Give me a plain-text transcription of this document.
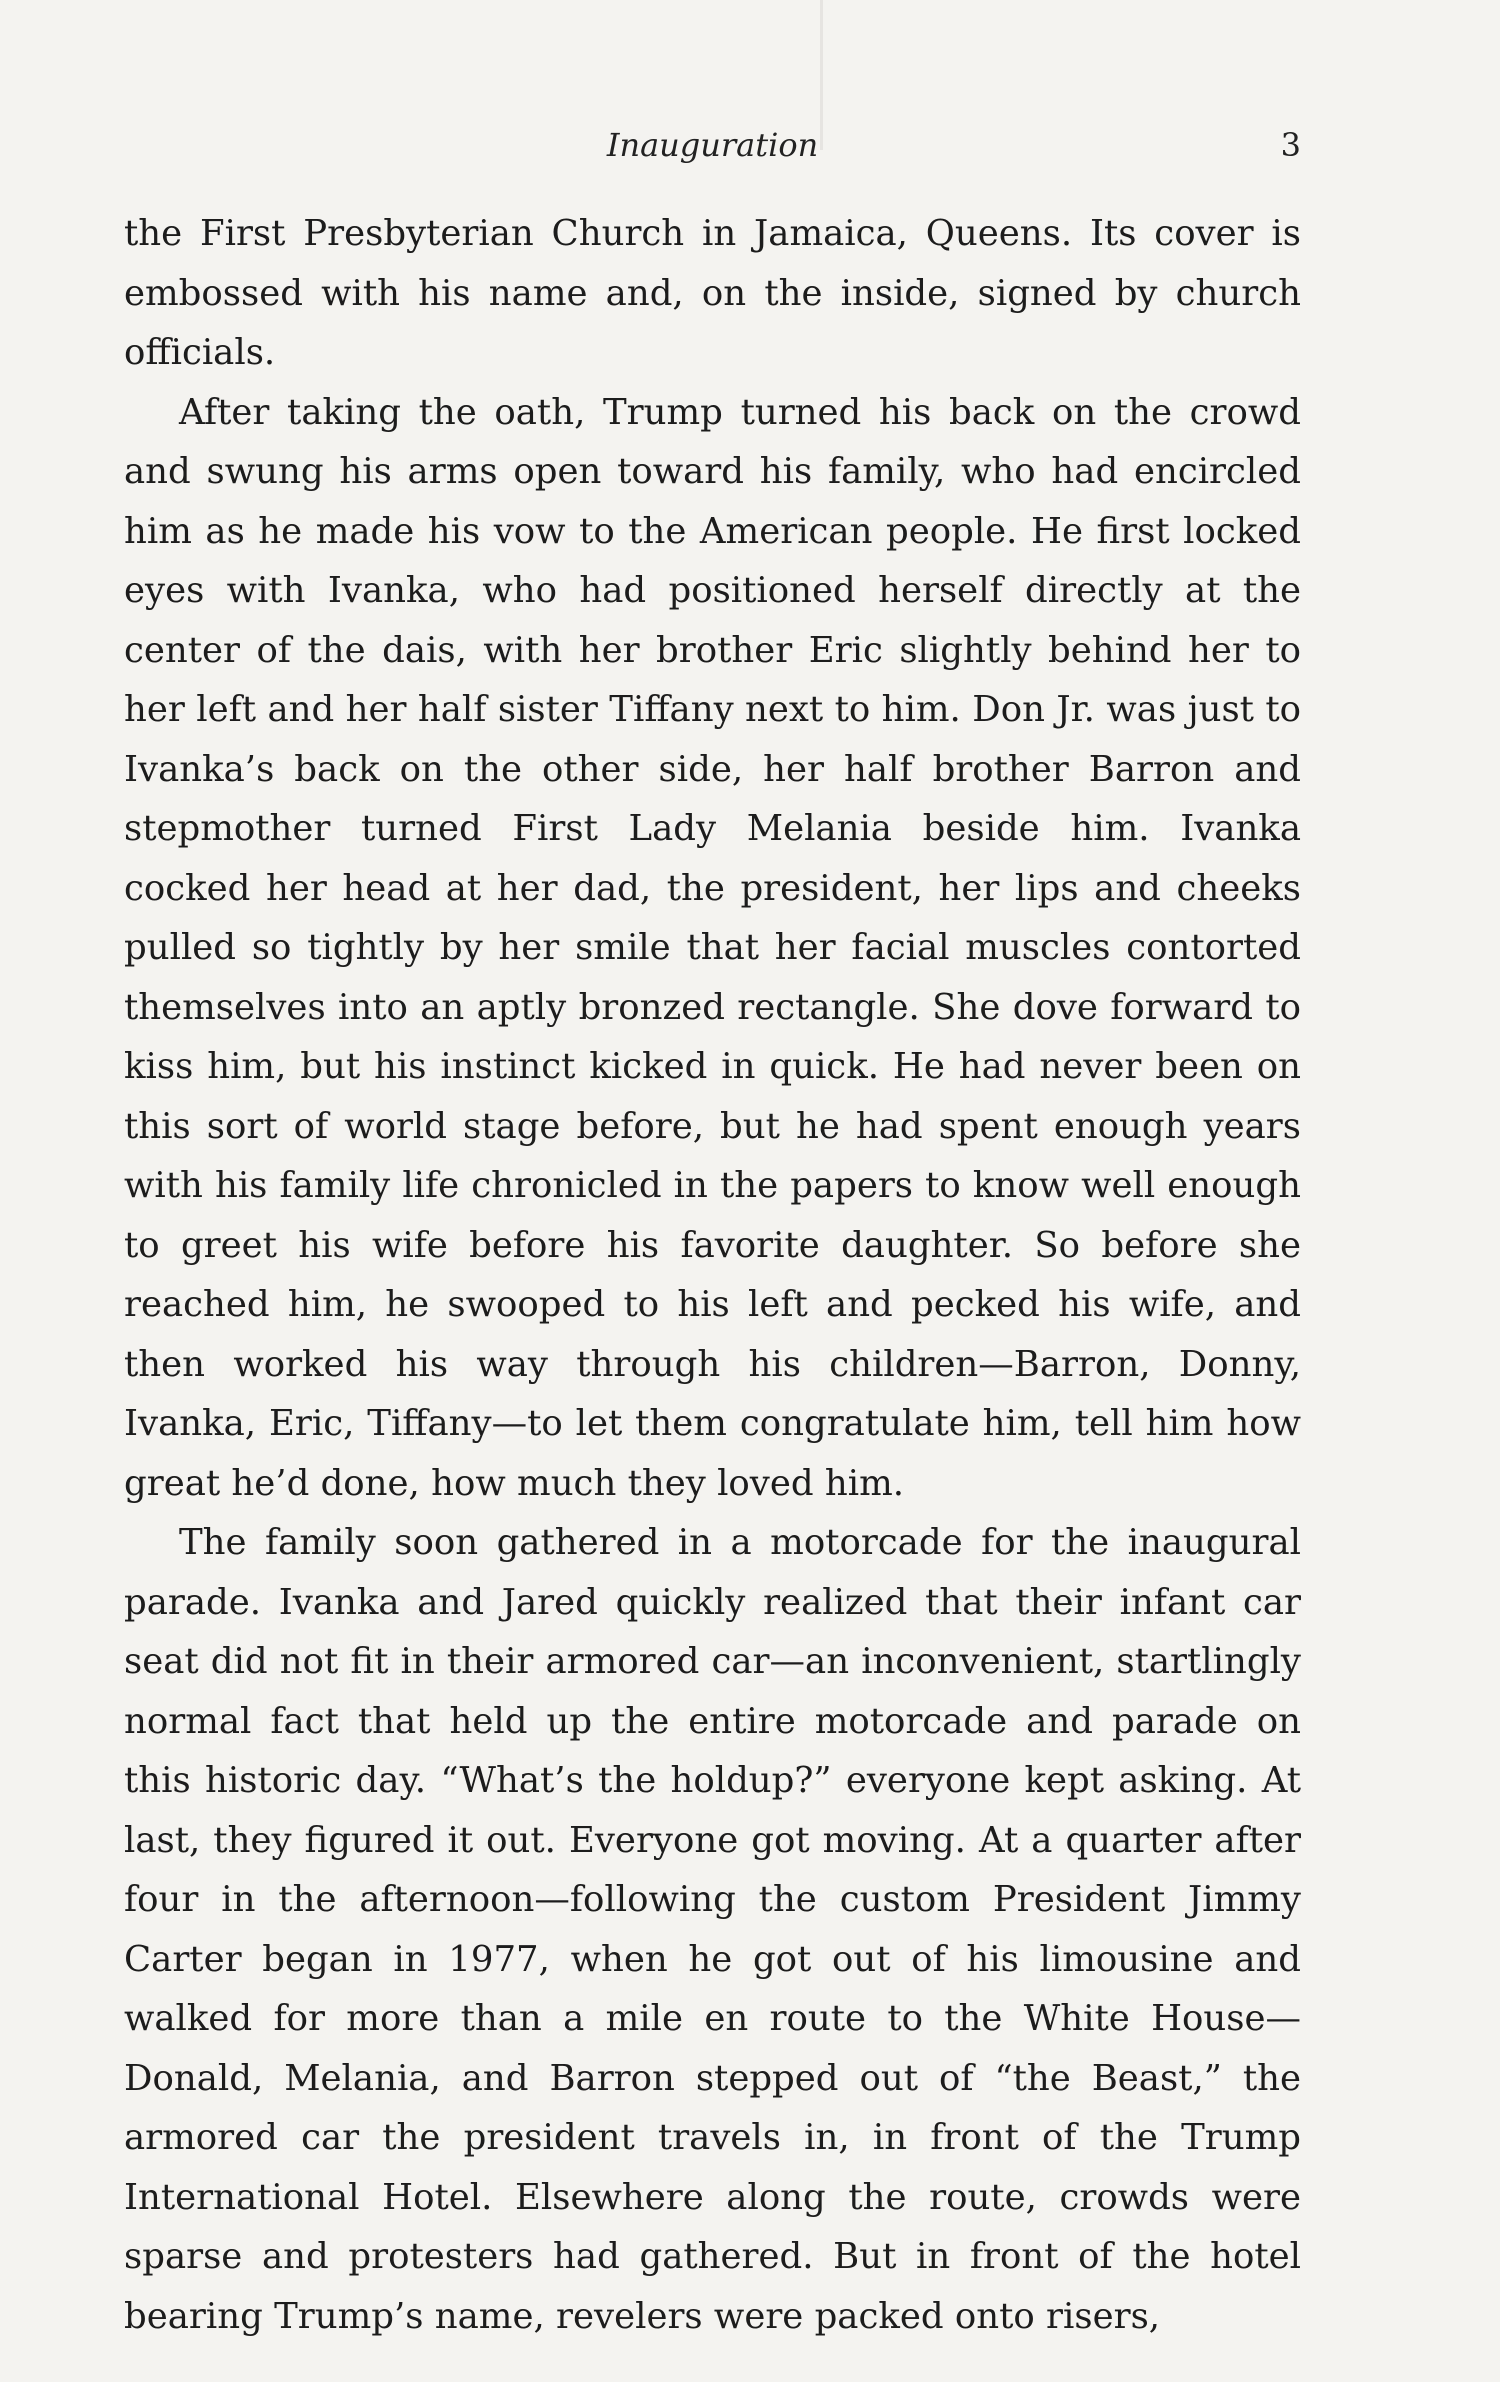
Inauguration	3

the First Presbyterian Church in Jamaica, Queens. Its cover is embossed with his name and, on the inside, signed by church officials.

After taking the oath, Trump turned his back on the crowd and swung his arms open toward his family, who had encircled him as he made his vow to the American people. He first locked eyes with Ivanka, who had positioned herself directly at the center of the dais, with her brother Eric slightly behind her to her left and her half sister Tiffany next to him. Don Jr. was just to Ivanka’s back on the other side, her half brother Barron and stepmother turned First Lady Melania beside him. Ivanka cocked her head at her dad, the president, her lips and cheeks pulled so tightly by her smile that her facial muscles contorted themselves into an aptly bronzed rectangle. She dove forward to kiss him, but his instinct kicked in quick. He had never been on this sort of world stage before, but he had spent enough years with his family life chronicled in the papers to know well enough to greet his wife before his favorite daughter. So before she reached him, he swooped to his left and pecked his wife, and then worked his way through his children—Barron, Donny, Ivanka, Eric, Tiffany—to let them congratulate him, tell him how great he’d done, how much they loved him.

The family soon gathered in a motorcade for the inaugural parade. Ivanka and Jared quickly realized that their infant car seat did not fit in their armored car—an inconvenient, startlingly normal fact that held up the entire motorcade and parade on this historic day. “What’s the holdup?” everyone kept asking. At last, they figured it out. Everyone got moving. At a quarter after four in the afternoon—following the custom President Jimmy Carter began in 1977, when he got out of his limousine and walked for more than a mile en route to the White House—Donald, Melania, and Barron stepped out of “the Beast,” the armored car the president travels in, in front of the Trump International Hotel. Elsewhere along the route, crowds were sparse and protesters had gathered. But in front of the hotel bearing Trump’s name, revelers were packed onto risers,
